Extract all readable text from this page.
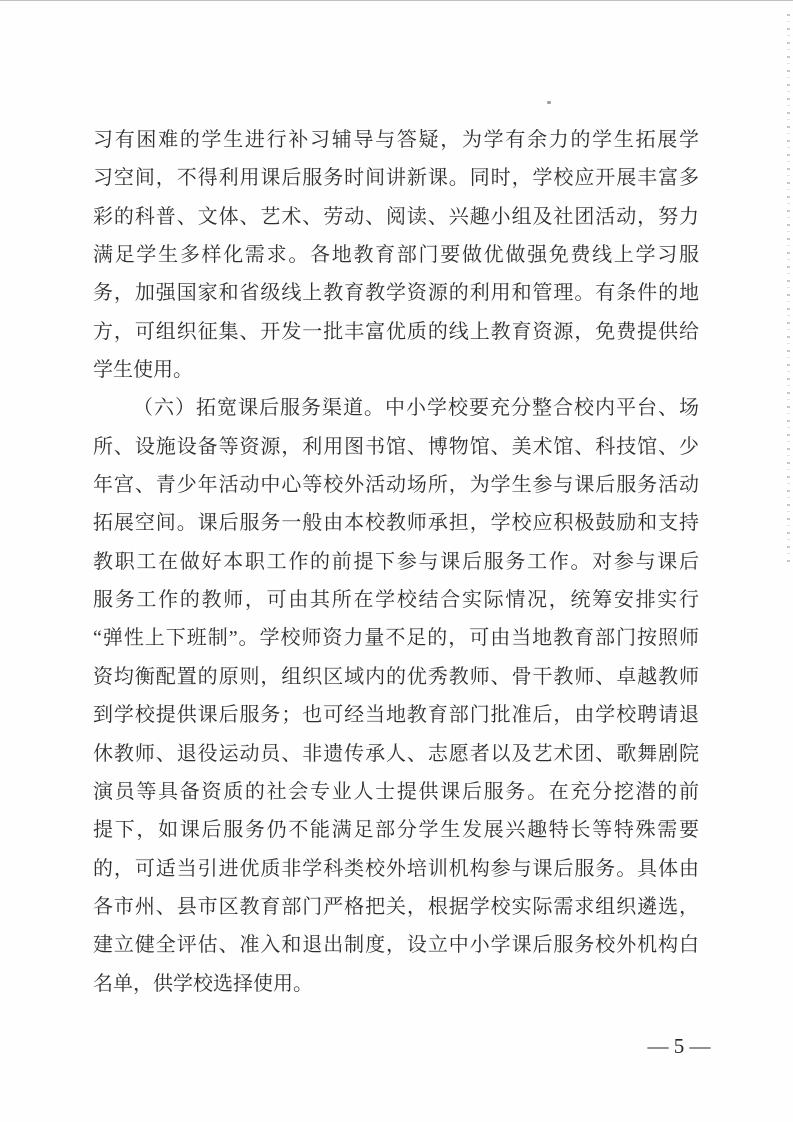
习有困难的学生进行补习辅导与答疑，为学有余力的学生拓展学
习空间，不得利用课后服务时间讲新课。同时，学校应开展丰富多
彩的科普、文体、艺术、劳动、阅读、兴趣小组及社团活动，努力
满足学生多样化需求。各地教育部门要做优做强免费线上学习服
务，加强国家和省级线上教育教学资源的利用和管理。有条件的地
方，可组织征集、开发一批丰富优质的线上教育资源，免费提供给
学生使用。
（六）拓宽课后服务渠道。中小学校要充分整合校内平台、场
所、设施设备等资源，利用图书馆、博物馆、美术馆、科技馆、少
年宫、青少年活动中心等校外活动场所，为学生参与课后服务活动
拓展空间。课后服务一般由本校教师承担，学校应积极鼓励和支持
教职工在做好本职工作的前提下参与课后服务工作。对参与课后
服务工作的教师，可由其所在学校结合实际情况，统筹安排实行
“弹性上下班制”。学校师资力量不足的，可由当地教育部门按照师
资均衡配置的原则，组织区域内的优秀教师、骨干教师、卓越教师
到学校提供课后服务；也可经当地教育部门批准后，由学校聘请退
休教师、退役运动员、非遗传承人、志愿者以及艺术团、歌舞剧院
演员等具备资质的社会专业人士提供课后服务。在充分挖潜的前
提下，如课后服务仍不能满足部分学生发展兴趣特长等特殊需要
的，可适当引进优质非学科类校外培训机构参与课后服务。具体由
各市州、县市区教育部门严格把关，根据学校实际需求组织遴选，
建立健全评估、准入和退出制度，设立中小学课后服务校外机构白
名单，供学校选择使用。
— 5 —
